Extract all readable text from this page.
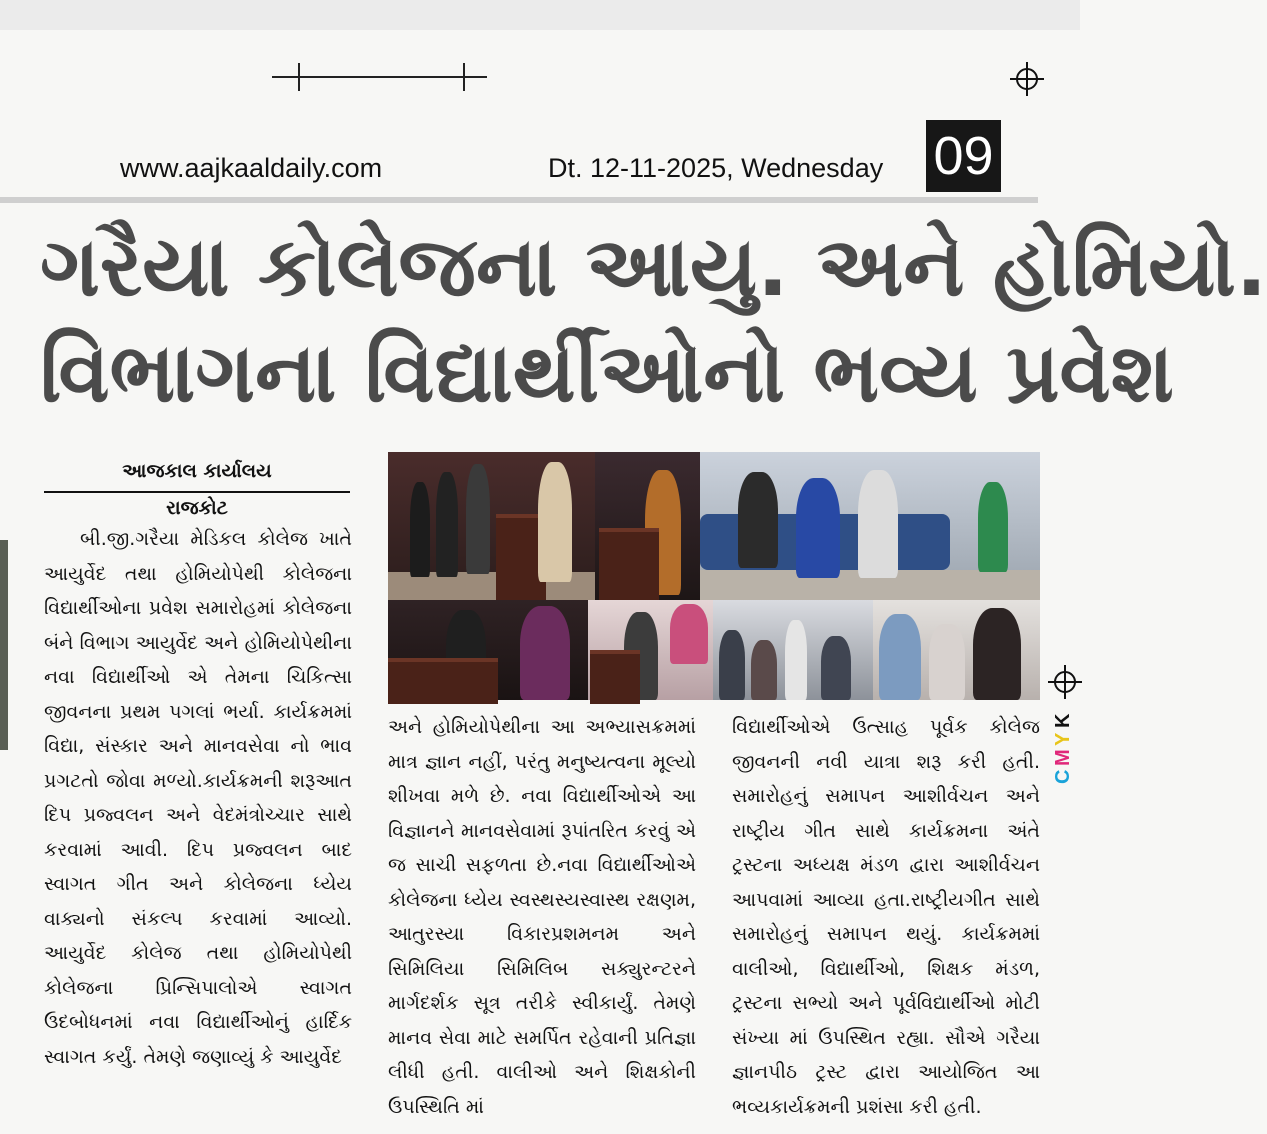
www.aajkaaldaily.com	Dt. 12-11-2025, Wednesday 09
ગરૈયા કોલેજના આયુ. અને હોમિયો.
વિભાગના વિદ્યાર્થીઓનો ભવ્ય પ્રવેશ
આજકાલ કાર્યાલય
રાજકોટ

બી.જી.ગરૈયા મેડિકલ કોલેજ ખાતે આયુર્વેદ તથા હોમિયોપેથી કોલેજના વિદ્યાર્થીઓના પ્રવેશ સમારોહમાં કોલેજના બંને વિભાગ આયુર્વેદ અને હોમિયોપેથીના નવા વિદ્યાર્થીઓ એ તેમના ચિકિત્સા જીવનના પ્રથમ પગલાં ભર્યા. કાર્યક્રમમાં વિદ્યા, સંસ્કાર અને માનવસેવા નો ભાવ પ્રગટતો જોવા મળ્યો.કાર્યક્રમની શરૂઆત દિપ પ્રજ્વલન અને વેદમંત્રોચ્ચાર સાથે કરવામાં આવી. દિપ પ્રજ્વલન બાદ સ્વાગત ગીત અને કોલેજના ધ્યેય વાક્યનો સંકલ્પ કરવામાં આવ્યો. આયુર્વેદ કોલેજ તથા હોમિયોપેથી કોલેજના પ્રિન્સિપાલોએ સ્વાગત ઉદબોધનમાં નવા વિદ્યાર્થીઓનું હાર્દિક સ્વાગત કર્યું. તેમણે જણાવ્યું કે આયુર્વેદ

અને હોમિયોપેથીના આ અભ્યાસક્રમમાં માત્ર જ્ઞાન નહીં, પરંતુ મનુષ્યત્વના મૂલ્યો શીખવા મળે છે. નવા વિદ્યાર્થીઓએ આ વિજ્ઞાનને માનવસેવામાં રૂપાંતરિત કરવું એ જ સાચી સફળતા છે.નવા વિદ્યાર્થીઓએ કોલેજના ધ્યેય સ્વસ્થસ્યસ્વાસ્થ રક્ષણમ, આતુરસ્યા વિકારપ્રશમનમ અને સિમિલિયા સિમિલિબ સક્યુરન્ટરને માર્ગદર્શક સૂત્ર તરીકે સ્વીકાર્યું. તેમણે માનવ સેવા માટે સમર્પિત રહેવાની પ્રતિજ્ઞા લીધી હતી. વાલીઓ અને શિક્ષકોની ઉપસ્થિતિ માં

વિદ્યાર્થીઓએ ઉત્સાહ પૂર્વક કોલેજ જીવનની નવી યાત્રા શરૂ કરી હતી. સમારોહનું સમાપન આશીર્વચન અને રાષ્ટ્રીય ગીત સાથે કાર્યક્રમના અંતે ટ્રસ્ટના અધ્યક્ષ મંડળ દ્વારા આશીર્વચન આપવામાં આવ્યા હતા.રાષ્ટ્રીયગીત સાથે સમારોહનું સમાપન થયું. કાર્યક્રમમાં વાલીઓ, વિદ્યાર્થીઓ, શિક્ષક મંડળ, ટ્રસ્ટના સભ્યો અને પૂર્વવિદ્યાર્થીઓ મોટી સંખ્યા માં ઉપસ્થિત રહ્યા. સૌએ ગરૈયા જ્ઞાનપીઠ ટ્રસ્ટ દ્વારા આયોજિત આ ભવ્યકાર્યક્રમની પ્રશંસા કરી હતી.

C
M
Y
K
